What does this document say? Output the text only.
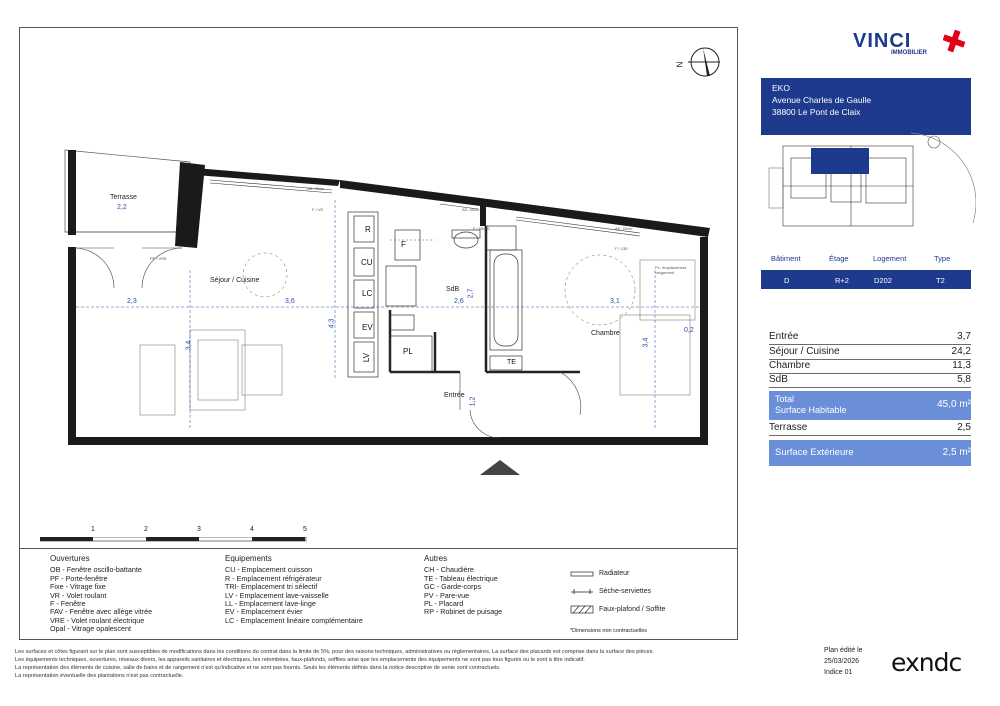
N
Terrasse
2,2
Séjour / Cuisine
SdB
Chambre
Entrée
R
F
CU
LC
EV
LV
PL
TE
PL: emplacement rangement
2,3	3,6
4,3
2,6
2,7
3,1
3,4	3,4
0,2
1,2
AE: 40cm
F / VE	AE: 40cm
F / 65x80	AE: 40cm
F / 135
PF / VRE
1	2	3	4	5
Ouvertures
OB - Fenêtre oscillo-battante
PF - Porte-fenêtre
Fixe - Vitrage fixe
VR - Volet roulant
F - Fenêtre
FAV - Fenêtre avec allège vitrée
VRE - Volet roulant électrique
Opal - Vitrage opalescent
Equipements
CU - Emplacement cuisson
R - Emplacement réfrigérateur
TRI- Emplacement tri sélectif
LV - Emplacement lave-vaisselle
LL - Emplacement lave-linge
EV - Emplacement évier
LC - Emplacement linéaire complémentaire
Autres
CH - Chaudière
TE - Tableau électrique
GC - Garde-corps
PV - Pare-vue
PL - Placard
RP - Robinet de puisage
Radiateur
Sèche-serviettes
Faux-plafond / Soffite
*Dimensions non contractuelles
Les surfaces et côtes figurant sur le plan sont susceptibles de modifications dans les conditions du contrat dans la limite de 5%, pour des raisons techniques, administratives ou réglementaires. La surface des placards est comprise dans la surface des pièces.
Les équipements techniques, ouvertures, réseaux divers, les appareils sanitaires et électriques, les retombées, faux-plafonds, soffites ainsi que les emplacements des équipements ne sont pas tous figurés ou le sont à titre indicatif.
La représentation des éléments de cuisine, salle de bains et de rangement n'est qu'indicative et ne sont pas fournis. Seuls les éléments définis dans la notice descriptive de vente sont contractuels.
La représentation éventuelle des plantations n'est pas contractuelle.
Plan édité le
25/03/2026
Indice 01
VINCI
IMMOBILIER
EKO
Avenue Charles de Gaulle
38800 Le Pont de Claix
Bâtiment	Étage	Logement	Type
D	R+2	D202	T2
Entrée	3,7
Séjour / Cuisine	24,2
Chambre	11,3
SdB	5,8
Total
Surface Habitable	45,0 m²
Terrasse	2,5
Surface Extérieure	2,5 m²
exndc
